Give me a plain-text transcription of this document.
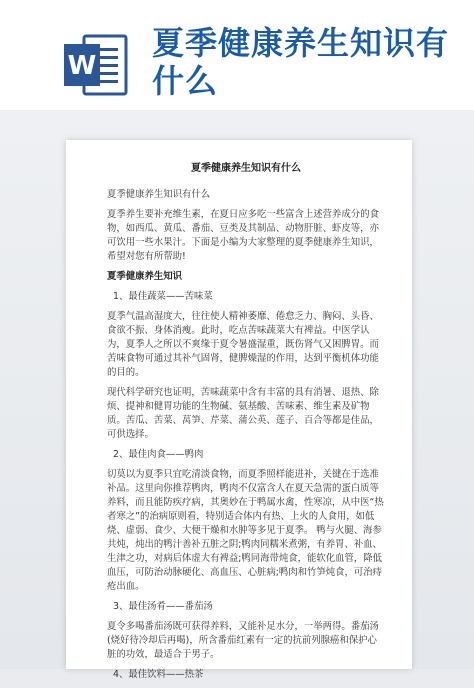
W
夏季健康养生知识有什么
夏季健康养生知识有什么
夏季健康养生知识有什么
夏季养生要补充维生素，在夏日应多吃一些富含上述营养成分的食物，如西瓜、黄瓜、番茄、豆类及其制品、动物肝脏、虾皮等，亦可饮用一些水果汁。下面是小编为大家整理的夏季健康养生知识，希望对您有所帮助!
夏季健康养生知识
1、最佳蔬菜——苦味菜
夏季气温高湿度大，往往使人精神萎靡、倦怠乏力、胸闷、头昏、食欲不振、身体消瘦。此时，吃点苦味蔬菜大有裨益。中医学认为，夏季人之所以不爽缘于夏令暑盛湿重，既伤肾气又困脾胃。而苦味食物可通过其补气固肾，健脾燥湿的作用，达到平衡机体功能的目的。
现代科学研究也证明，苦味蔬菜中含有丰富的具有消暑、退热、除烦、提神和健胃功能的生物碱、氨基酸、苦味素、维生素及矿物质。苦瓜、苦菜、莴笋、芹菜、蒲公英、莲子、百合等都是佳品，可供选择。
2、最佳肉食——鸭肉
切莫以为夏季只宜吃清淡食物，而夏季照样能进补，关键在于选准补品。这里向你推荐鸭肉，鸭肉不仅富含人在夏天急需的蛋白质等养料，而且能防疾疗病，其奥妙在于鸭属水禽，性寒凉，从中医“热者寒之”的治病原则看，特别适合体内有热、上火的人食用，如低烧、虚弱、食少、大便干燥和水肿等多见于夏季。 鸭与火腿、海参共炖，炖出的鸭汁善补五脏之阴;鸭肉同糯米煮粥，有养胃、补血、生津之功，对病后体虚大有裨益;鸭同海带炖食，能软化血管，降低血压，可防治动脉硬化、高血压、心脏病;鸭肉和竹笋炖食，可治痔疮出血。
3、最佳汤肴——番茄汤
夏令多喝番茄汤既可获得养料，又能补足水分，一举两得。番茄汤(烧好待冷却后再喝)，所含番茄红素有一定的抗前列腺癌和保护心脏的功效，最适合于男子。
4、最佳饮料——热茶
